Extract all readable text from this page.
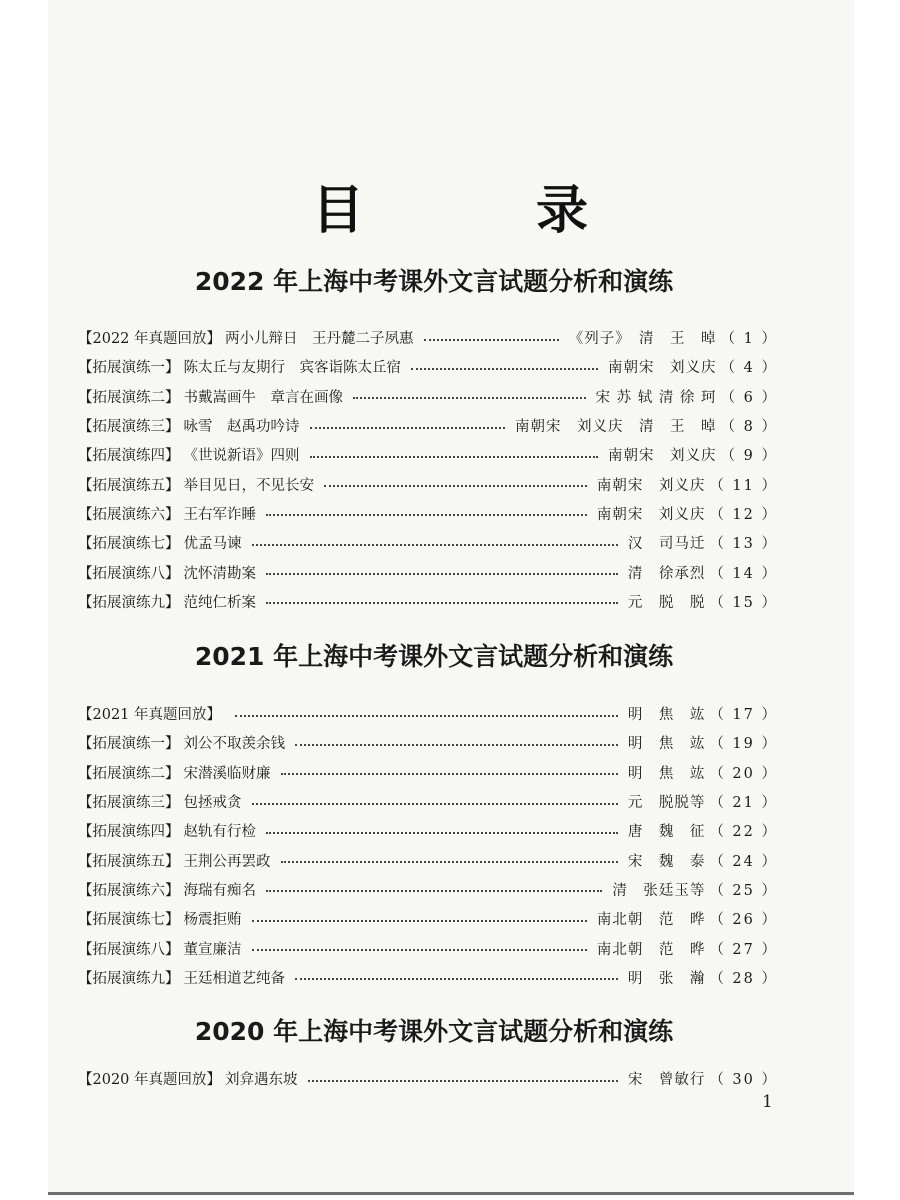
目　录
2022 年上海中考课外文言试题分析和演练
【2022 年真题回放】 两小儿辩日　王丹麓二子夙惠	《列子》　清　王　晫 （ 1 ）
【拓展演练一】 陈太丘与友期行　宾客诣陈太丘宿	南朝宋　刘义庆 （ 4 ）
【拓展演练二】 书戴嵩画牛　章言在画像	宋 苏 轼 清 徐 珂 （ 6 ）
【拓展演练三】 咏雪　赵禹功吟诗	南朝宋　刘义庆　清　王　晫 （ 8 ）
【拓展演练四】 《世说新语》四则	南朝宋　刘义庆 （ 9 ）
【拓展演练五】 举目见日，不见长安	南朝宋　刘义庆 （ 11 ）
【拓展演练六】 王右军诈睡	南朝宋　刘义庆 （ 12 ）
【拓展演练七】 优孟马谏	汉　司马迁 （ 13 ）
【拓展演练八】 沈怀清勘案	清　徐承烈 （ 14 ）
【拓展演练九】 范纯仁析案	元　脱　脱 （ 15 ）
2021 年上海中考课外文言试题分析和演练
【2021 年真题回放】	明　焦　竑 （ 17 ）
【拓展演练一】 刘公不取羡余钱	明　焦　竑 （ 19 ）
【拓展演练二】 宋潜溪临财廉	明　焦　竑 （ 20 ）
【拓展演练三】 包拯戒贪	元　脱脱等 （ 21 ）
【拓展演练四】 赵轨有行检	唐　魏　征 （ 22 ）
【拓展演练五】 王荆公再罢政	宋　魏　泰 （ 24 ）
【拓展演练六】 海瑞有痴名	清　张廷玉等 （ 25 ）
【拓展演练七】 杨震拒贿	南北朝　范　晔 （ 26 ）
【拓展演练八】 董宣廉洁	南北朝　范　晔 （ 27 ）
【拓展演练九】 王廷相道艺纯备	明　张　瀚 （ 28 ）
2020 年上海中考课外文言试题分析和演练
【2020 年真题回放】 刘弇遇东坡	宋　曾敏行 （ 30 ）
1
